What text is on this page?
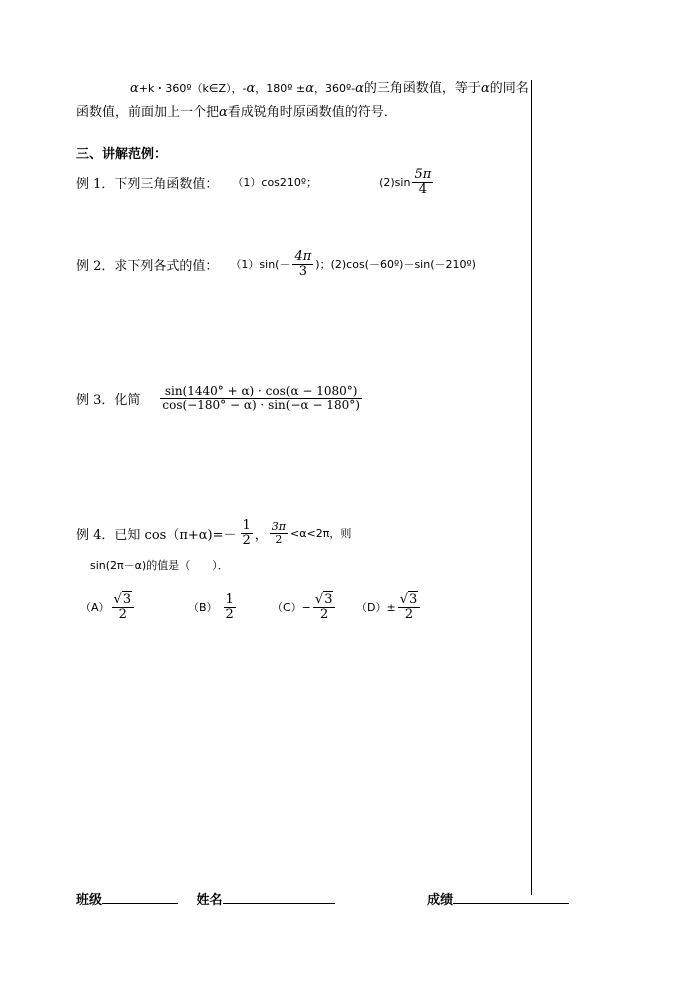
α+k・360º（k∈Z），-α，180º ±α，360º-α的三角函数值，等于α的同名
函数值，前面加上一个把α看成锐角时原函数值的符号．
三、讲解范例：
例 1．下列三角函数值： （1）cos210º；	$(2)\sin \frac{5\pi}{4}$
例 2．求下列各式的值： $(1)\sin(- \frac{4\pi}{3}$ )； (2)cos(－60º)－sin(－210º)
例 3．化简 $\frac{\sin(1440^\circ + \alpha) \cdot \cos(\alpha - 1080^\circ)}{\cos(-180^\circ - \alpha) \cdot \sin(-\alpha - 180^\circ)}$
例 4．已知 $\cos(\pi+\alpha)=- \frac{1}{2}$ ， $\frac{3\pi}{2} <\alpha<2\pi$，则
sin(2π－α)的值是（　　）．
$(A) \frac{√3}{2}$	$(B) \frac{1}{2}$	$(C)- \frac{√3}{2} (D)\pm \frac{√3}{2}$
班级	姓名	成绩
